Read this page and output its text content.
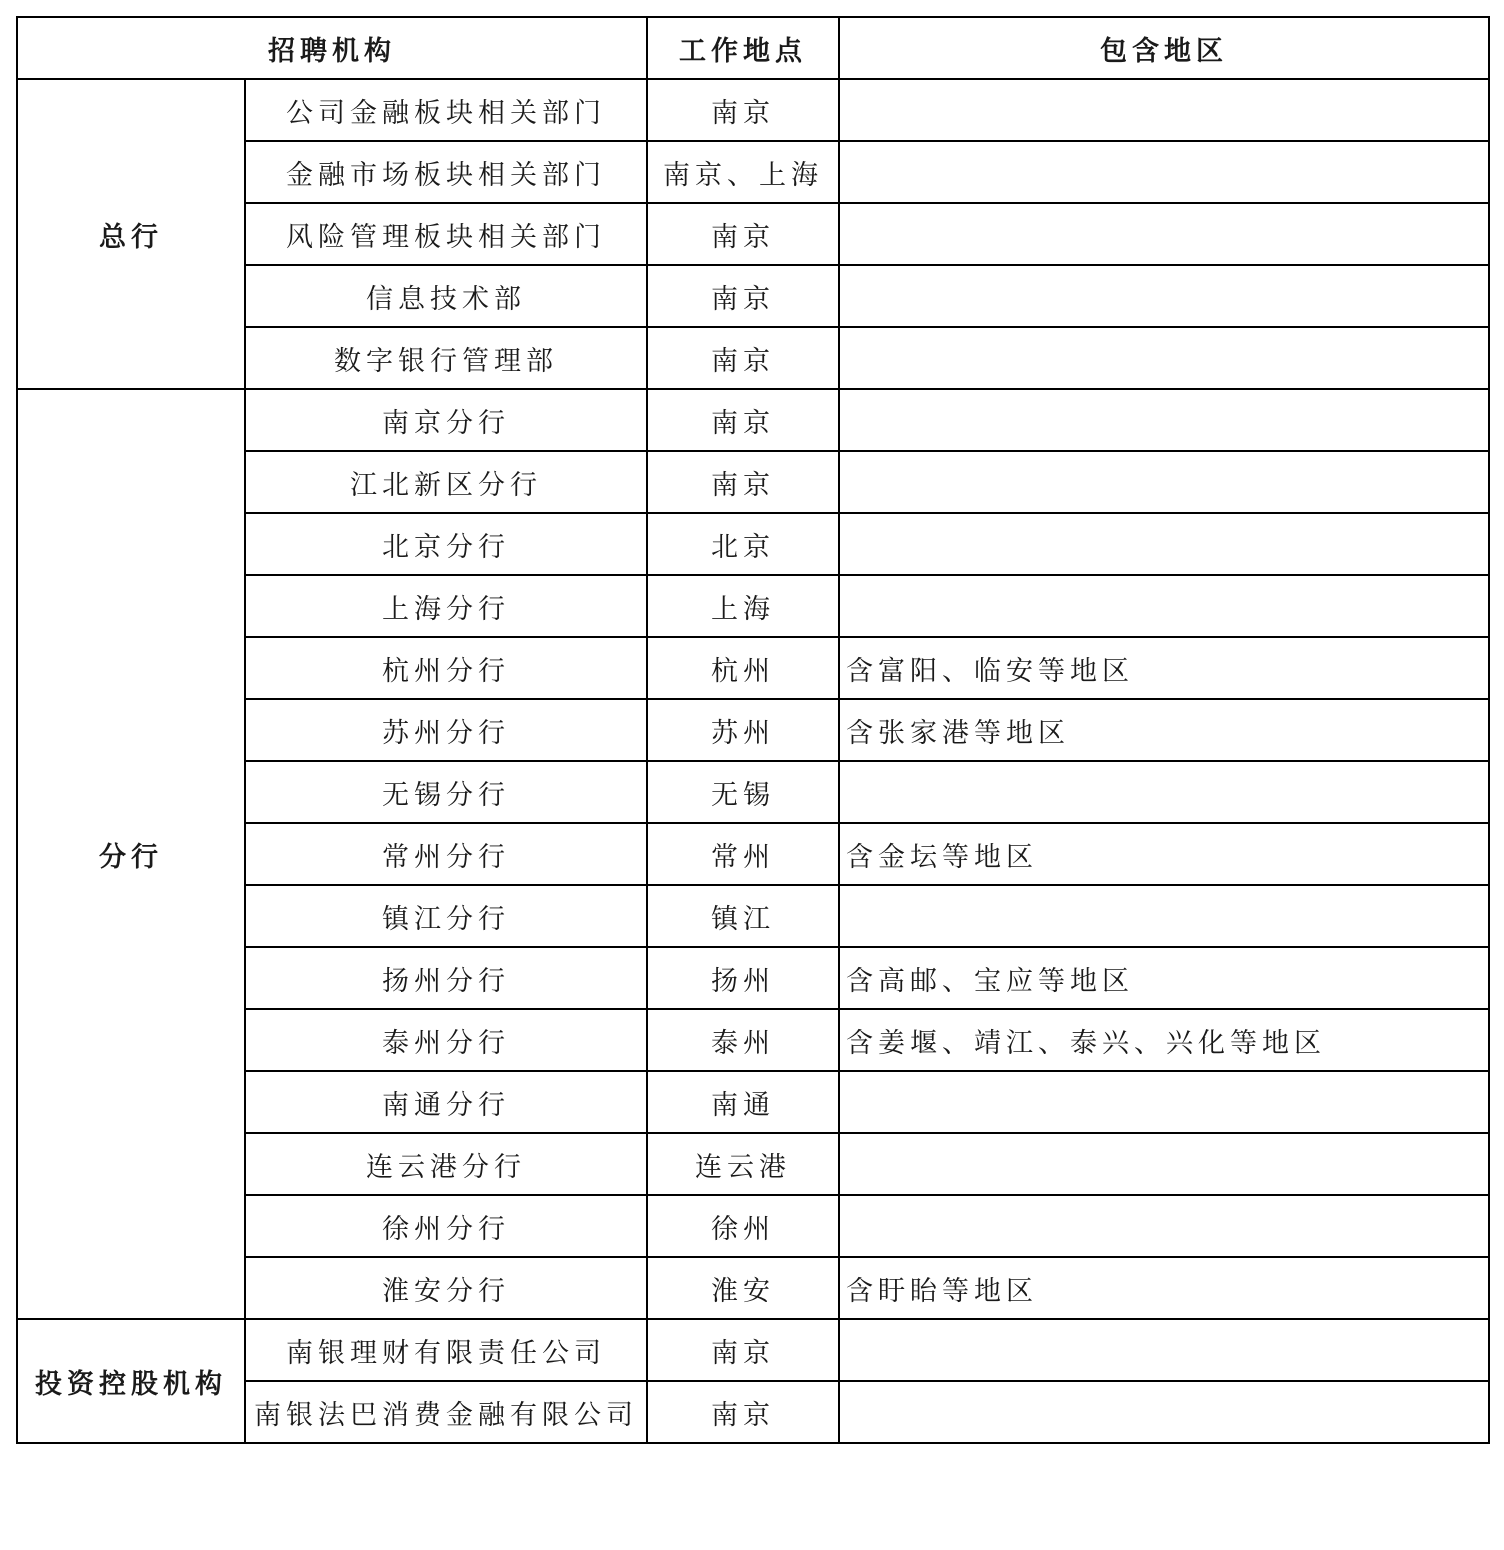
招聘机构		工作地点	包含地区
总行	公司金融板块相关部门	南京	
	金融市场板块相关部门	南京、上海	
	风险管理板块相关部门	南京	
	信息技术部	南京	
	数字银行管理部	南京	
分行	南京分行	南京	
	江北新区分行	南京	
	北京分行	北京	
	上海分行	上海	
	杭州分行	杭州	含富阳、临安等地区
	苏州分行	苏州	含张家港等地区
	无锡分行	无锡	
	常州分行	常州	含金坛等地区
	镇江分行	镇江	
	扬州分行	扬州	含高邮、宝应等地区
	泰州分行	泰州	含姜堰、靖江、泰兴、兴化等地区
	南通分行	南通	
	连云港分行	连云港	
	徐州分行	徐州	
	淮安分行	淮安	含盱眙等地区
投资控股机构	南银理财有限责任公司	南京	
	南银法巴消费金融有限公司	南京	
